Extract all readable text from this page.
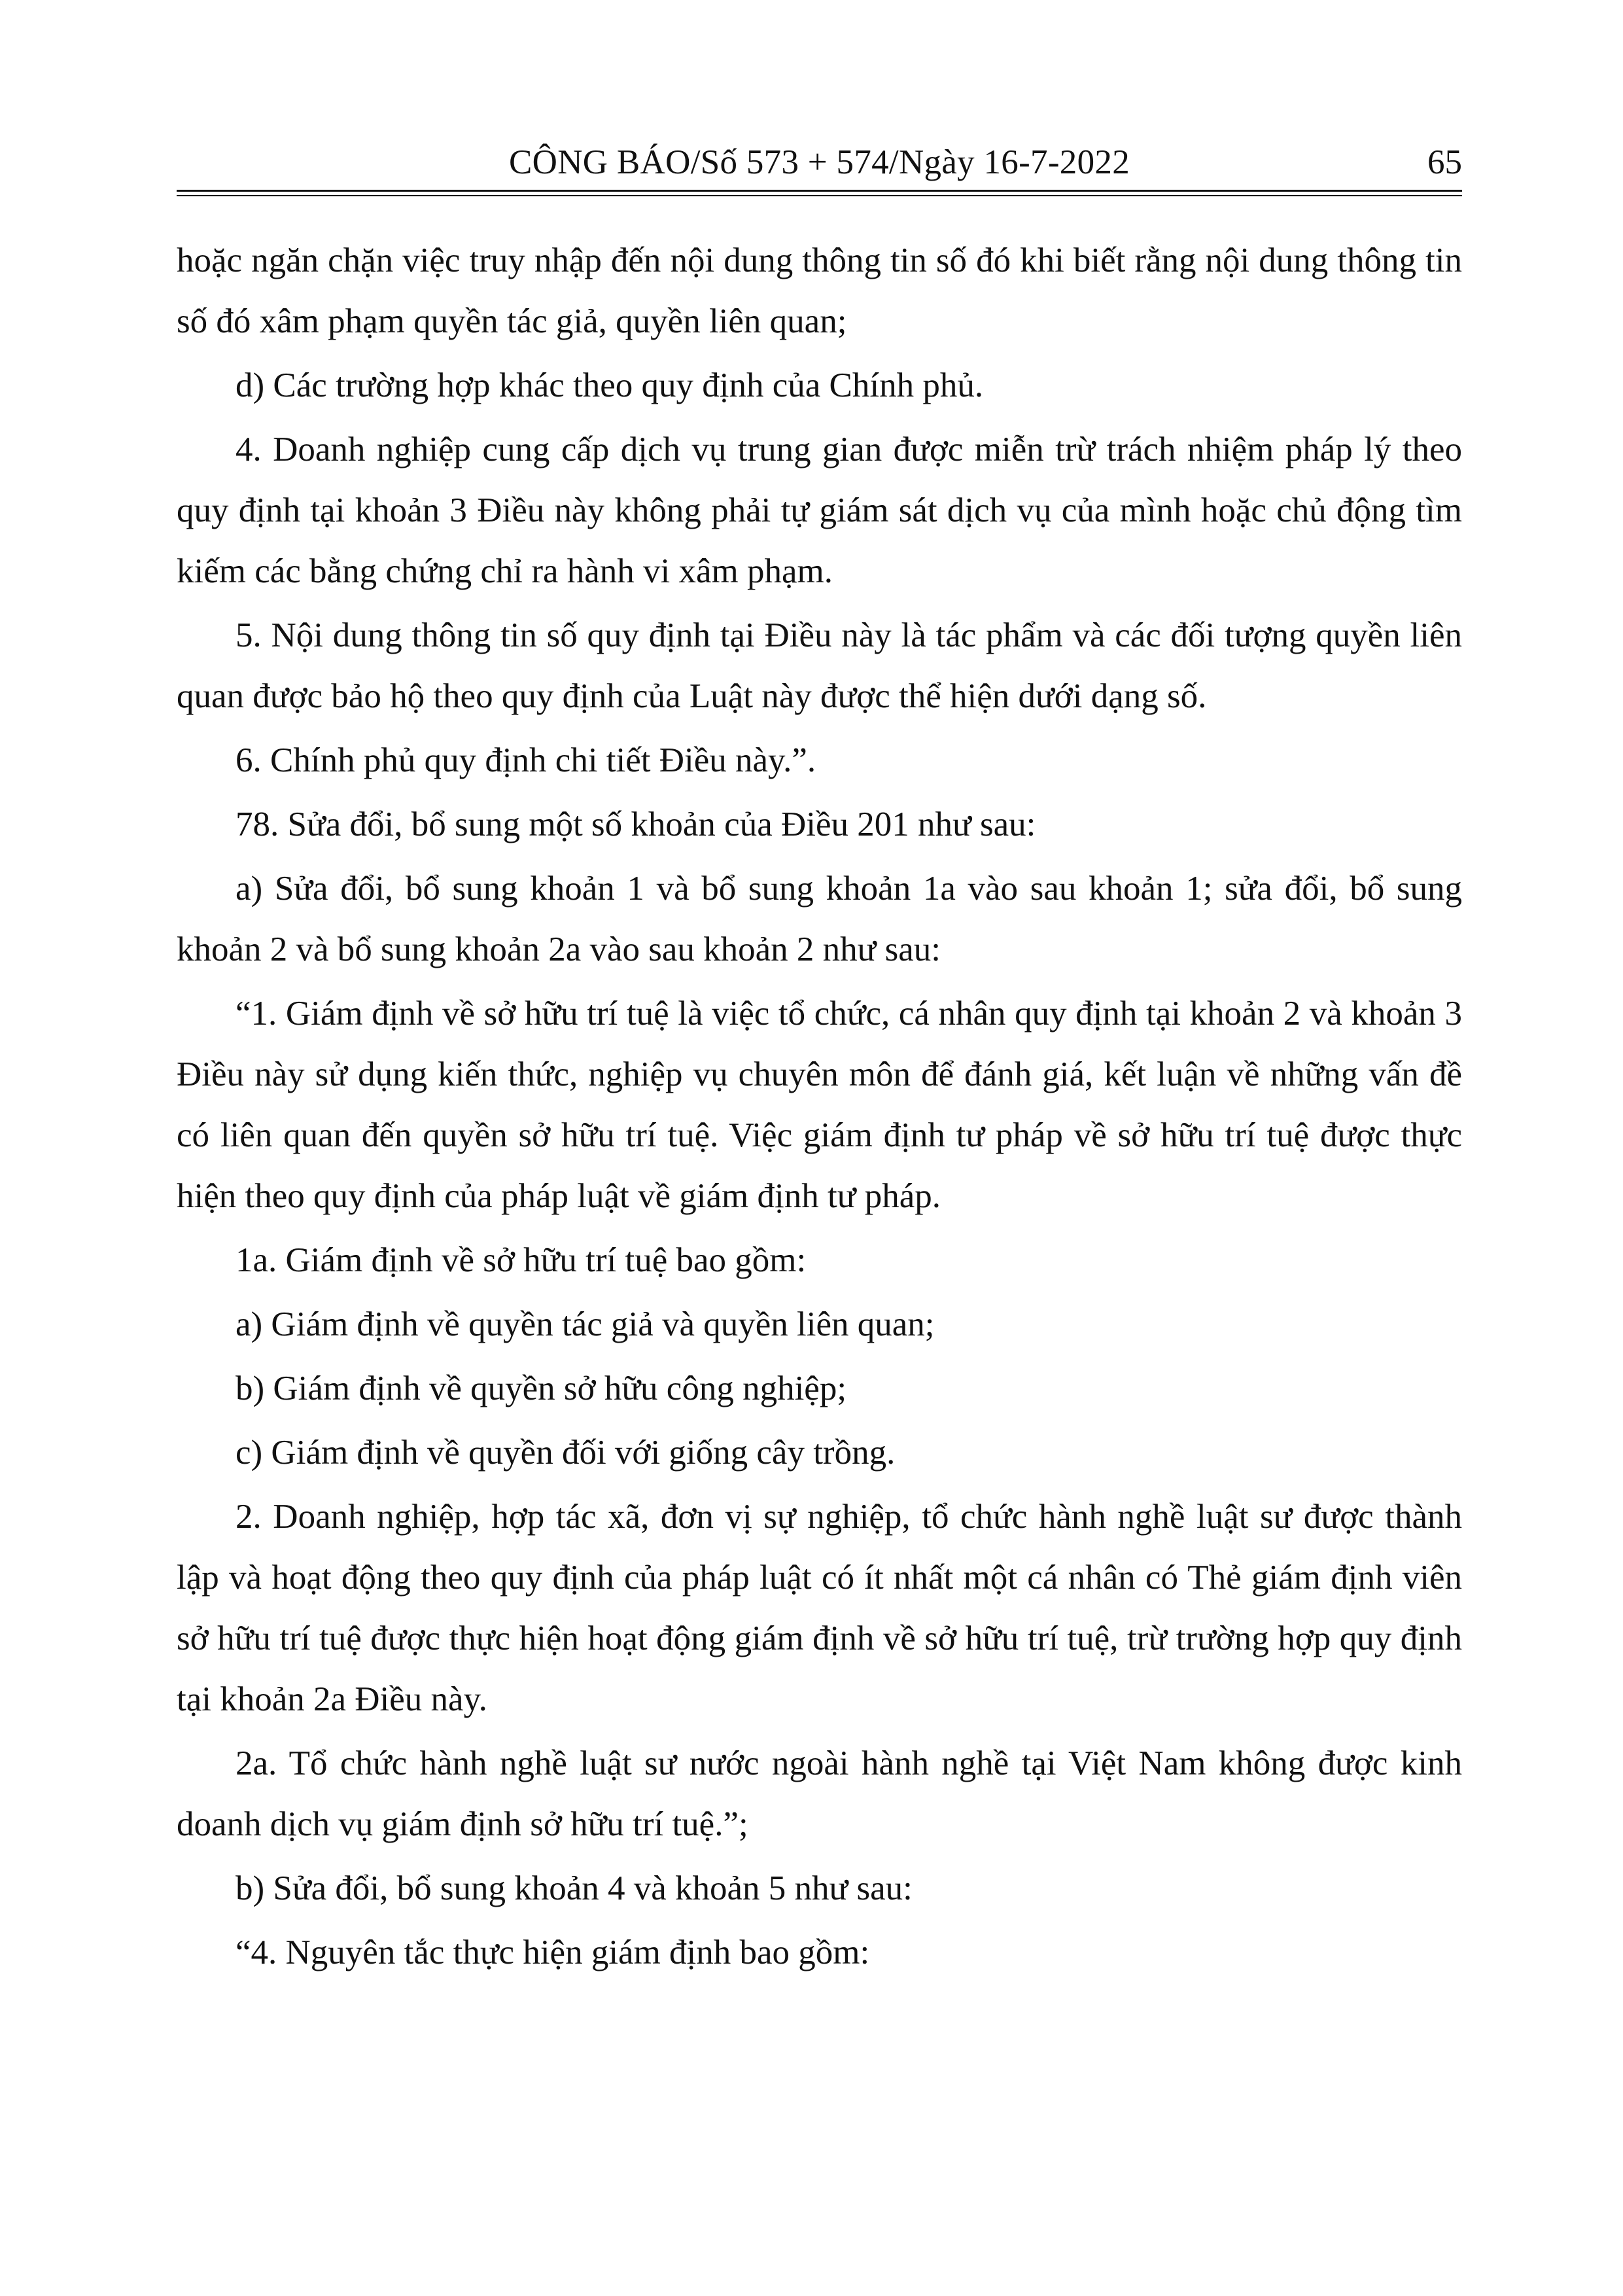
CÔNG BÁO/Số 573 + 574/Ngày 16-7-2022	65

hoặc ngăn chặn việc truy nhập đến nội dung thông tin số đó khi biết rằng nội dung thông tin số đó xâm phạm quyền tác giả, quyền liên quan;

d) Các trường hợp khác theo quy định của Chính phủ.

4. Doanh nghiệp cung cấp dịch vụ trung gian được miễn trừ trách nhiệm pháp lý theo quy định tại khoản 3 Điều này không phải tự giám sát dịch vụ của mình hoặc chủ động tìm kiếm các bằng chứng chỉ ra hành vi xâm phạm.

5. Nội dung thông tin số quy định tại Điều này là tác phẩm và các đối tượng quyền liên quan được bảo hộ theo quy định của Luật này được thể hiện dưới dạng số.

6. Chính phủ quy định chi tiết Điều này.”.

78. Sửa đổi, bổ sung một số khoản của Điều 201 như sau:

a) Sửa đổi, bổ sung khoản 1 và bổ sung khoản 1a vào sau khoản 1; sửa đổi, bổ sung khoản 2 và bổ sung khoản 2a vào sau khoản 2 như sau:

“1. Giám định về sở hữu trí tuệ là việc tổ chức, cá nhân quy định tại khoản 2 và khoản 3 Điều này sử dụng kiến thức, nghiệp vụ chuyên môn để đánh giá, kết luận về những vấn đề có liên quan đến quyền sở hữu trí tuệ. Việc giám định tư pháp về sở hữu trí tuệ được thực hiện theo quy định của pháp luật về giám định tư pháp.

1a. Giám định về sở hữu trí tuệ bao gồm:

a) Giám định về quyền tác giả và quyền liên quan;

b) Giám định về quyền sở hữu công nghiệp;

c) Giám định về quyền đối với giống cây trồng.

2. Doanh nghiệp, hợp tác xã, đơn vị sự nghiệp, tổ chức hành nghề luật sư được thành lập và hoạt động theo quy định của pháp luật có ít nhất một cá nhân có Thẻ giám định viên sở hữu trí tuệ được thực hiện hoạt động giám định về sở hữu trí tuệ, trừ trường hợp quy định tại khoản 2a Điều này.

2a. Tổ chức hành nghề luật sư nước ngoài hành nghề tại Việt Nam không được kinh doanh dịch vụ giám định sở hữu trí tuệ.”;

b) Sửa đổi, bổ sung khoản 4 và khoản 5 như sau:

“4. Nguyên tắc thực hiện giám định bao gồm:
